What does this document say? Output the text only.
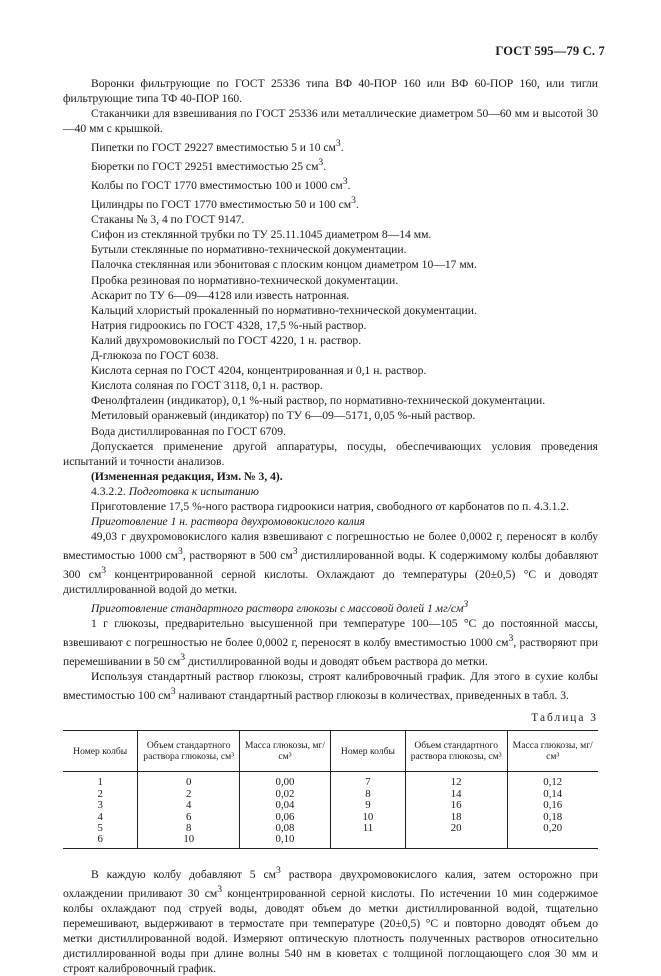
ГОСТ 595—79 С. 7

Воронки фильтрующие по ГОСТ 25336 типа ВФ 40-ПОР 160 или ВФ 60-ПОР 160, или тигли фильтрующие типа ТФ 40-ПОР 160.

Стаканчики для взвешивания по ГОСТ 25336 или металлические диаметром 50—60 мм и высотой 30—40 мм с крышкой.

Пипетки по ГОСТ 29227 вместимостью 5 и 10 $см^3$.

Бюретки по ГОСТ 29251 вместимостью 25 $см^3$.

Колбы по ГОСТ 1770 вместимостью 100 и 1000 $см^3$.

Цилиндры по ГОСТ 1770 вместимостью 50 и 100 $см^3$.

Стаканы № 3, 4 по ГОСТ 9147.

Сифон из стеклянной трубки по ТУ 25.11.1045 диаметром 8—14 мм.

Бутыли стеклянные по нормативно-технической документации.

Палочка стеклянная или эбонитовая с плоским концом диаметром 10—17 мм.

Пробка резиновая по нормативно-технической документации.

Аскарит по ТУ 6—09—4128 или известь натронная.

Кальций хлористый прокаленный по нормативно-технической документации.

Натрия гидроокись по ГОСТ 4328, 17,5 %-ный раствор.

Калий двухромовокислый по ГОСТ 4220, 1 н. раствор.

Д-глюкоза по ГОСТ 6038.

Кислота серная по ГОСТ 4204, концентрированная и 0,1 н. раствор.

Кислота соляная по ГОСТ 3118, 0,1 н. раствор.

Фенолфталеин (индикатор), 0,1 %-ный раствор, по нормативно-технической документации.

Метиловый оранжевый (индикатор) по ТУ 6—09—5171, 0,05 %-ный раствор.

Вода дистиллированная по ГОСТ 6709.

Допускается применение другой аппаратуры, посуды, обеспечивающих условия проведения испытаний и точности анализов.

(Измененная редакция, Изм. № 3, 4).

4.3.2.2. Подготовка к испытанию

Приготовление 17,5 %-ного раствора гидроокиси натрия, свободного от карбонатов по п. 4.3.1.2.

Приготовление 1 н. раствора двухромовокислого калия

49,03 г двухромовокислого калия взвешивают с погрешностью не более 0,0002 г, переносят в колбу вместимостью 1000 $см^3$, растворяют в 500 $см^3$ дистиллированной воды. К содержимому колбы добавляют 300 $см^3$ концентрированной серной кислоты. Охлаждают до температуры (20±0,5) °С и доводят дистиллированной водой до метки.

Приготовление стандартного раствора глюкозы с массовой долей 1 $мг/см^3$

1 г глюкозы, предварительно высушенной при температуре 100—105 °С до постоянной массы, взвешивают с погрешностью не более 0,0002 г, переносят в колбу вместимостью 1000 $см^3$, растворяют при перемешивании в 50 $см^3$ дистиллированной воды и доводят объем раствора до метки.

Используя стандартный раствор глюкозы, строят калибровочный график. Для этого в сухие колбы вместимостью 100 $см^3$ наливают стандартный раствор глюкозы в количествах, приведенных в табл. 3.

Таблица 3
Номер колбы	Объем стандартного раствора глюкозы, см³	Масса глюкозы, мг/см³	Номер колбы	Объем стандартного раствора глюкозы, см³	Масса глюкозы, мг/см³
1	0	0,00	7	12	0,12
2	2	0,02	8	14	0,14
3	4	0,04	9	16	0,16
4	6	0,06	10	18	0,18
5	8	0,08	11	20	0,20
6	10	0,10			

В каждую колбу добавляют 5 $см^3$ раствора двухромовокислого калия, затем осторожно при охлаждении приливают 30 $см^3$ концентрированной серной кислоты. По истечении 10 мин содержимое колбы охлаждают под струей воды, доводят объем до метки дистиллированной водой, тщательно перемешивают, выдерживают в термостате при температуре (20±0,5) °С и повторно доводят объем до метки дистиллированной водой. Измеряют оптическую плотность полученных растворов относительно дистиллированной воды при длине волны 540 нм в кюветах с толщиной поглощающего слоя 30 мм и строят калибровочный график.
